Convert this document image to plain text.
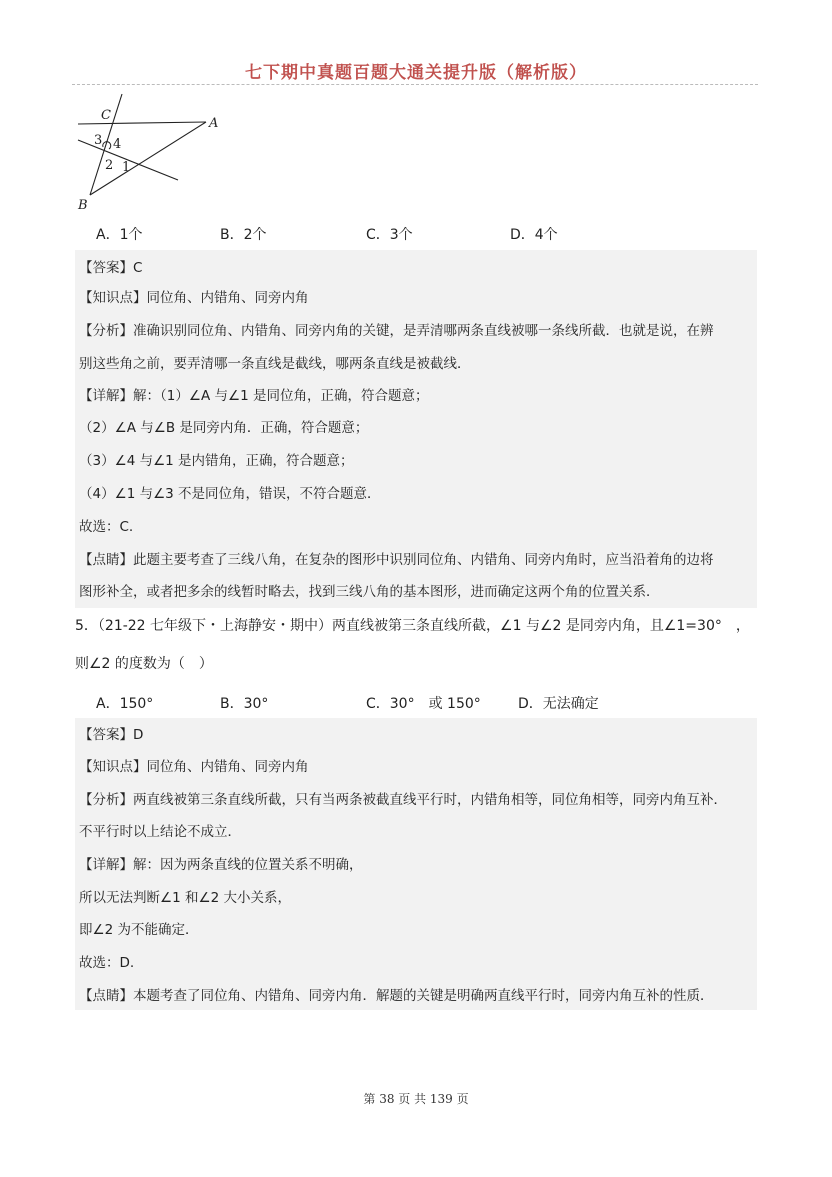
七下期中真题百题大通关提升版（解析版）
C
A
B
3 4
2 1
A．1个	B．2个	C．3个	D．4个
【答案】C
【知识点】同位角、内错角、同旁内角
【分析】准确识别同位角、内错角、同旁内角的关键，是弄清哪两条直线被哪一条线所截．也就是说，在辨
别这些角之前，要弄清哪一条直线是截线，哪两条直线是被截线．
【详解】解：（1）∠A 与∠1 是同位角，正确，符合题意；
（2）∠A 与∠B 是同旁内角．正确，符合题意；
（3）∠4 与∠1 是内错角，正确，符合题意；
（4）∠1 与∠3 不是同位角，错误，不符合题意．
故选：C.
【点睛】此题主要考查了三线八角，在复杂的图形中识别同位角、内错角、同旁内角时，应当沿着角的边将
图形补全，或者把多余的线暂时略去，找到三线八角的基本图形，进而确定这两个角的位置关系．
5．（21-22 七年级下・上海静安・期中）两直线被第三条直线所截，∠1 与∠2 是同旁内角，且∠1=30°　，
则∠2 的度数为（　）
A．150°	B．30°	C．30°　或 150°	D．无法确定
【答案】D
【知识点】同位角、内错角、同旁内角
【分析】两直线被第三条直线所截，只有当两条被截直线平行时，内错角相等，同位角相等，同旁内角互补．
不平行时以上结论不成立．
【详解】解：因为两条直线的位置关系不明确，
所以无法判断∠1 和∠2 大小关系，
即∠2 为不能确定．
故选：D.
【点睛】本题考查了同位角、内错角、同旁内角．解题的关键是明确两直线平行时，同旁内角互补的性质．
第 38 页 共 139 页
